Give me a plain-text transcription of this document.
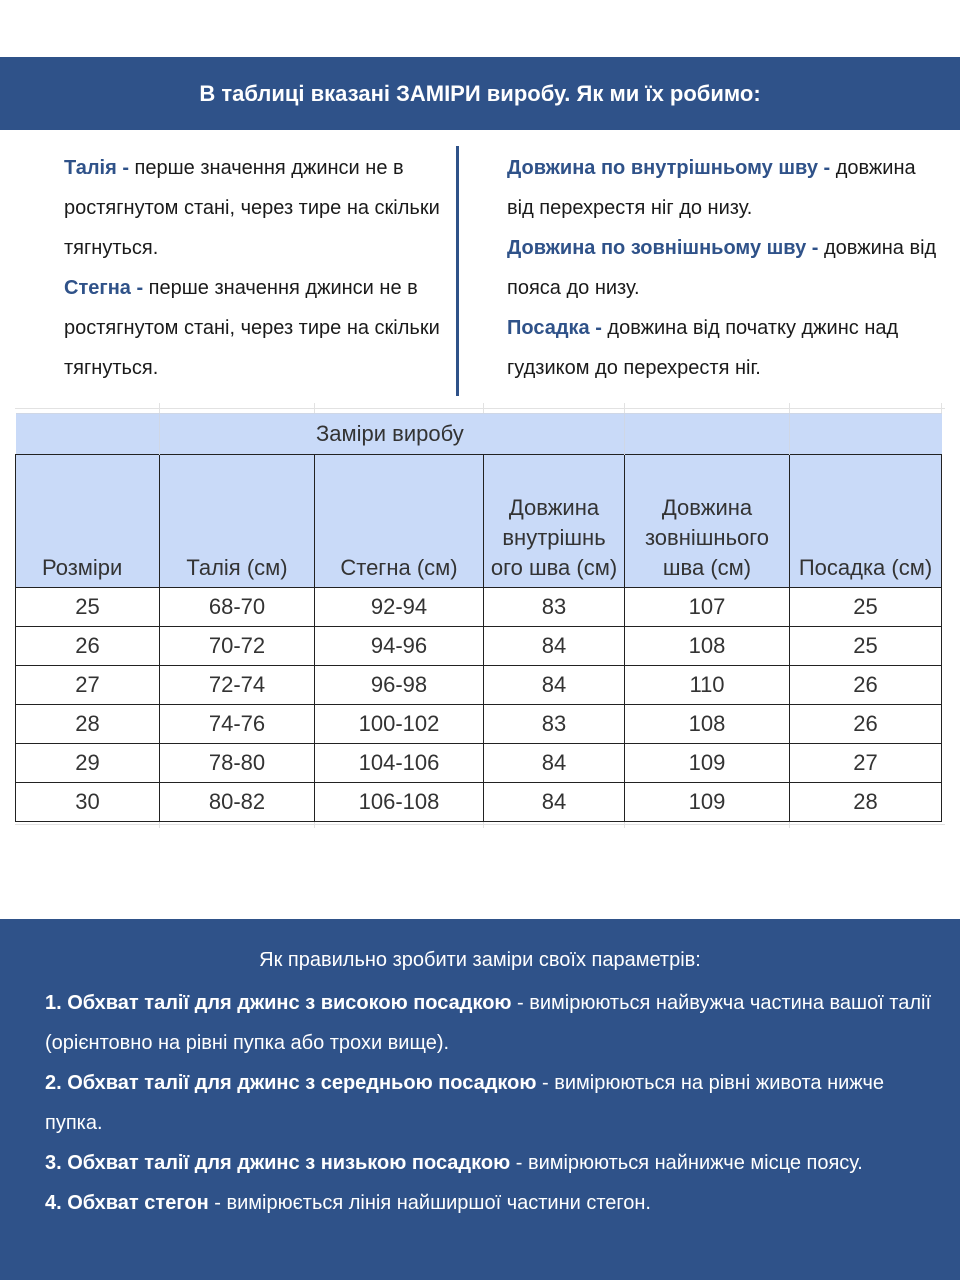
В таблиці вказані ЗАМІРИ виробу. Як ми їх робимо:
Талія - перше значення джинси не в ростягнутом стані, через тире на скільки тягнуться.
Стегна - перше значення джинси не в ростягнутом стані, через тире на скільки тягнуться.
Довжина по внутрішньому шву - довжина від перехрестя ніг до низу.
Довжина по зовнішньому шву - довжина від пояса до низу.
Посадка - довжина від початку джинс над гудзиком до перехрестя ніг.
	Заміри виробу				
Розміри	Талія (см)	Стегна (см)	Довжина внутрішнь ого шва (см)	Довжина зовнішнього шва (см)	Посадка (см)
25	68-70	92-94	83	107	25
26	70-72	94-96	84	108	25
27	72-74	96-98	84	110	26
28	74-76	100-102	83	108	26
29	78-80	104-106	84	109	27
30	80-82	106-108	84	109	28
Як правильно зробити заміри своїх параметрів:
1. Обхват талії для джинс з високою посадкою - вимірюються найвужча частина вашої талії (орієнтовно на рівні пупка або трохи вище).
2. Обхват талії для джинс з середньою посадкою - вимірюються на рівні живота нижче пупка.
3. Обхват талії для джинс з низькою посадкою - вимірюються найнижче місце поясу.
4. Обхват стегон - вимірюється лінія найширшої частини стегон.
